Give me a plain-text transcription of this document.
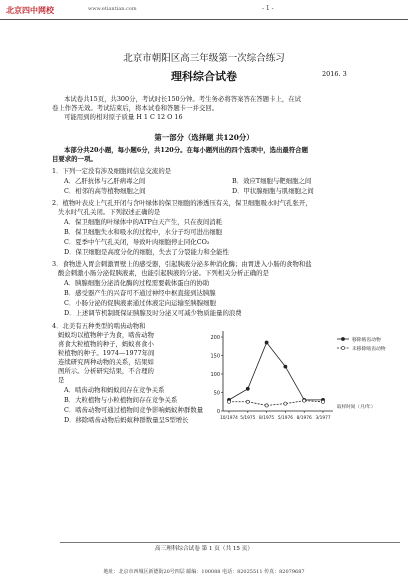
北京四中网校	www.etiantian.com	- 1 -
北京市朝阳区高三年级第一次综合练习
理科综合试卷	2016. 3
本试卷共15页，共300分，考试时长150分钟。考生务必将答案答在答题卡上，在试
卷上作答无效。考试结束后，将本试卷和答题卡一并交回。
可能用到的相对原子质量 H 1 C 12 O 16
第一部分（选择题 共120分）
本部分共20小题，每小题6分，共120分。在每小题列出的四个选项中，选出最符合题
目要求的一项。
1．下列一定没有涉及细胞间信息交流的是
A．乙肝抗体与乙肝病毒之间	B．效应T细胞与靶细胞之间
C．相邻的高等植物细胞之间	D．甲状腺细胞与肌细胞之间
2．植物叶表皮上气孔开闭与含叶绿体的保卫细胞的渗透压有关，保卫细胞吸水时气孔张开，
失水时气孔关闭。下列叙述正确的是
A．保卫细胞的叶绿体中的ATP白天产生，只在夜间消耗
B．保卫细胞失水和吸水的过程中，水分子均可进出细胞
C．夏季中午气孔关闭，导致叶肉细胞停止同化CO₂
D．保卫细胞是高度分化的细胞，失去了分裂能力和全能性
3．食物进入胃会刺激胃壁上的感受器，引起胰液分泌多种消化酶；由胃进入小肠的食物和盐
酸会刺激小肠分泌促胰液素，也能引起胰液的分泌。下列相关分析正确的是
A．胰腺细胞分泌消化酶的过程需要载体蛋白的协助
B．感受器产生的兴奋可不通过神经中枢直接到达胰腺
C．小肠分泌的促胰液素通过体液定向运输至胰腺细胞
D．上述调节机制既保证胰腺及时分泌又可减少物质能量的浪费
4．北美有五种类型的啮齿动物和
蚂蚁均以植物种子为食，啮齿动物
喜食大粒植物的种子，蚂蚁喜食小
粒植物的种子。1974—1977年间
连续研究两种动物的关系，结果如
图所示。分析研究结果，不合理的
是
A．啮齿动物和蚂蚁间存在竞争关系
B．大粒植物与小粒植物间存在竞争关系
C．啮齿动物可通过植物间竞争影响蚂蚁种群数量
D．移除啮齿动物后蚂蚁种群数量呈S型增长
0
50
100
150
200
10/1974 5/1975 8/1975 5/1976 8/1976 3/1977
取样时间（月/年）
移除啮齿动物
未移除啮齿动物
高三理科综合试卷 第 1 页（共 15 页）
地址：北京市西城区新德街20号四层 邮编：100088 电话：82025511 传真：82079687
